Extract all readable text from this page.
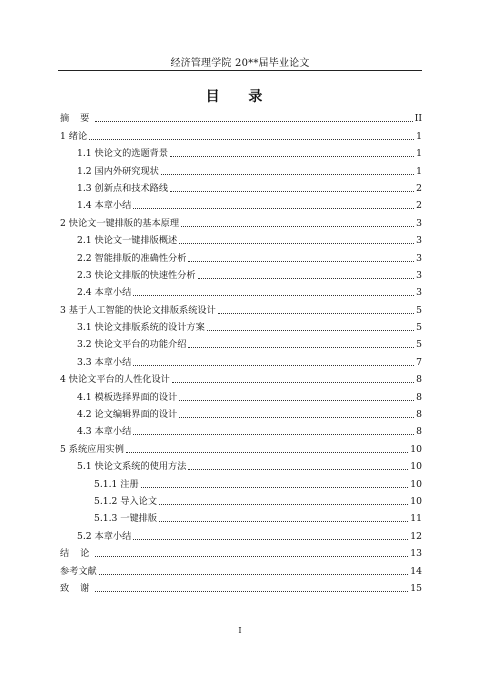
经济管理学院 20**届毕业论文
目 录
摘 要	II
1 绪论	1
1.1 快论文的选题背景	1
1.2 国内外研究现状	1
1.3 创新点和技术路线	2
1.4 本章小结	2
2 快论文一键排版的基本原理	3
2.1 快论文一键排版概述	3
2.2 智能排版的准确性分析	3
2.3 快论文排版的快速性分析	3
2.4 本章小结	3
3 基于人工智能的快论文排版系统设计	5
3.1 快论文排版系统的设计方案	5
3.2 快论文平台的功能介绍	5
3.3 本章小结	7
4 快论文平台的人性化设计	8
4.1 模板选择界面的设计	8
4.2 论文编辑界面的设计	8
4.3 本章小结	8
5 系统应用实例	10
5.1 快论文系统的使用方法	10
5.1.1 注册	10
5.1.2 导入论文	10
5.1.3 一键排版	11
5.2 本章小结	12
结 论	13
参考文献	14
致 谢	15
I
